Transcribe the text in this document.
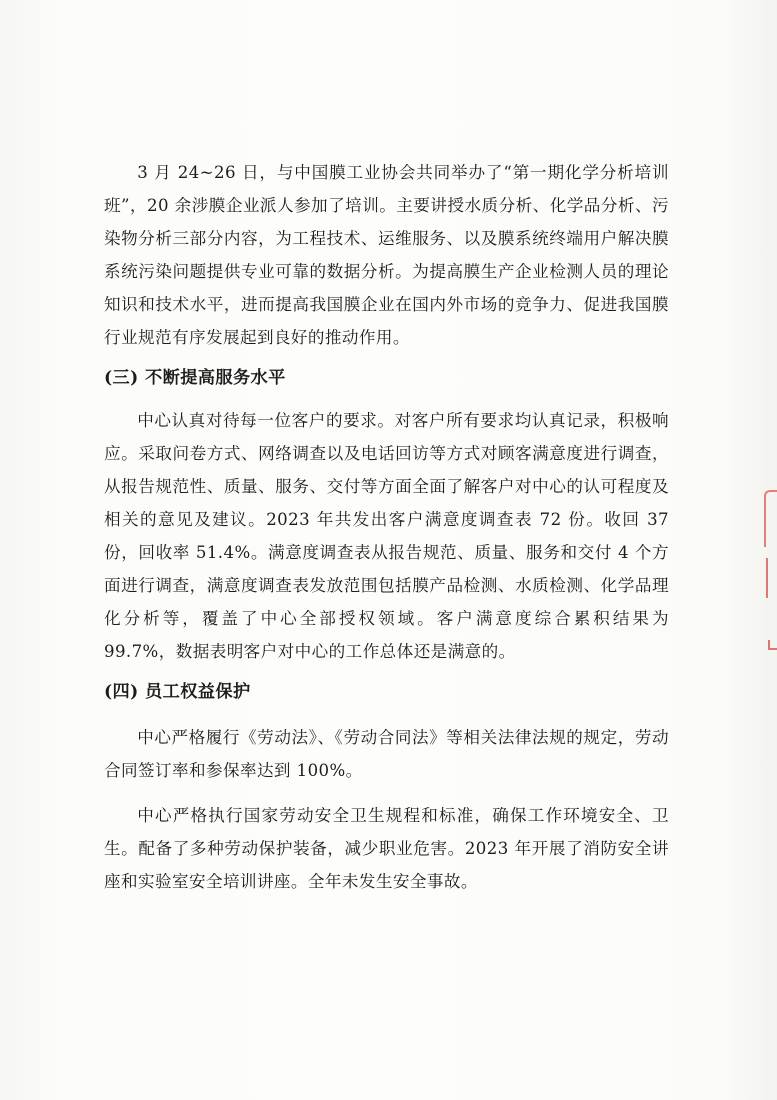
3 月 24~26 日，与中国膜工业协会共同举办了“第一期化学分析培训班”，20 余涉膜企业派人参加了培训。主要讲授水质分析、化学品分析、污染物分析三部分内容，为工程技术、运维服务、以及膜系统终端用户解决膜系统污染问题提供专业可靠的数据分析。为提高膜生产企业检测人员的理论知识和技术水平，进而提高我国膜企业在国内外市场的竞争力、促进我国膜行业规范有序发展起到良好的推动作用。

(三) 不断提高服务水平

中心认真对待每一位客户的要求。对客户所有要求均认真记录，积极响应。采取问卷方式、网络调查以及电话回访等方式对顾客满意度进行调查，从报告规范性、质量、服务、交付等方面全面了解客户对中心的认可程度及相关的意见及建议。2023 年共发出客户满意度调查表 72 份。收回 37 份，回收率 51.4%。满意度调查表从报告规范、质量、服务和交付 4 个方面进行调查，满意度调查表发放范围包括膜产品检测、水质检测、化学品理化分析等，覆盖了中心全部授权领域。客户满意度综合累积结果为 99.7%，数据表明客户对中心的工作总体还是满意的。

(四) 员工权益保护

中心严格履行《劳动法》、《劳动合同法》等相关法律法规的规定，劳动合同签订率和参保率达到 100%。

中心严格执行国家劳动安全卫生规程和标准，确保工作环境安全、卫生。配备了多种劳动保护装备，减少职业危害。2023 年开展了消防安全讲座和实验室安全培训讲座。全年未发生安全事故。
